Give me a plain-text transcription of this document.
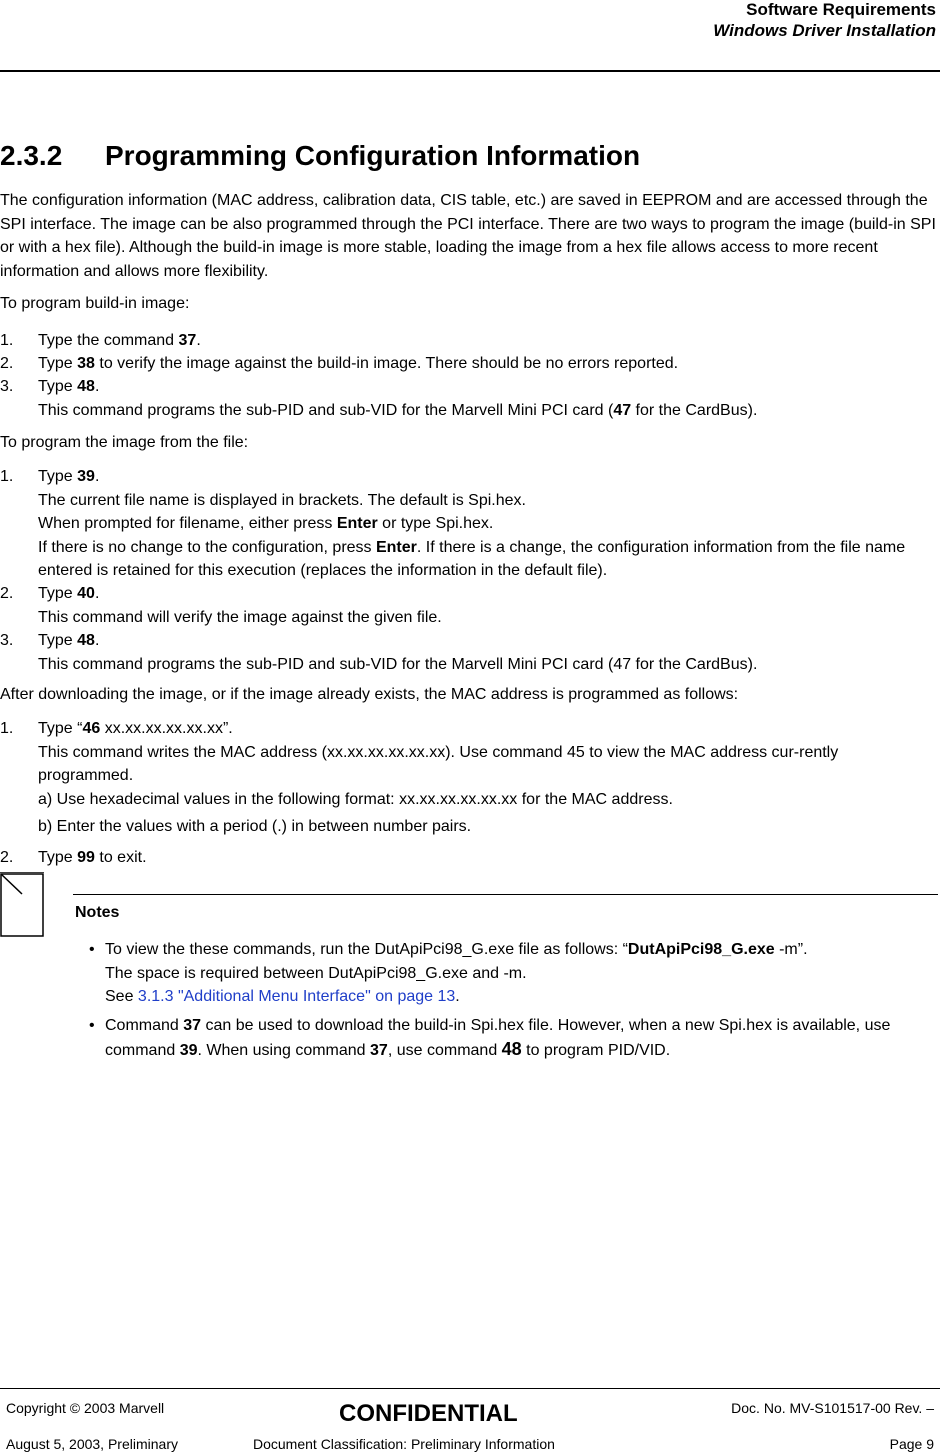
Software Requirements
Windows Driver Installation
2.3.2 Programming Configuration Information
The configuration information (MAC address, calibration data, CIS table, etc.) are saved in EEPROM and are accessed through the SPI interface. The image can be also programmed through the PCI interface. There are two ways to program the image (build-in SPI or with a hex file). Although the build-in image is more stable, loading the image from a hex file allows access to more recent information and allows more flexibility.
To program build-in image:
1. Type the command 37.
2. Type 38 to verify the image against the build-in image. There should be no errors reported.
3. Type 48.
This command programs the sub-PID and sub-VID for the Marvell Mini PCI card (47 for the CardBus).
To program the image from the file:
1. Type 39.
The current file name is displayed in brackets. The default is Spi.hex.
When prompted for filename, either press Enter or type Spi.hex.
If there is no change to the configuration, press Enter. If there is a change, the configuration information from the file name entered is retained for this execution (replaces the information in the default file).
2. Type 40.
This command will verify the image against the given file.
3. Type 48.
This command programs the sub-PID and sub-VID for the Marvell Mini PCI card (47 for the CardBus).
After downloading the image, or if the image already exists, the MAC address is programmed as follows:
1. Type “46 xx.xx.xx.xx.xx.xx”.
This command writes the MAC address (xx.xx.xx.xx.xx.xx). Use command 45 to view the MAC address cur-rently programmed.
a) Use hexadecimal values in the following format: xx.xx.xx.xx.xx.xx for the MAC address.
b) Enter the values with a period (.) in between number pairs.
2. Type 99 to exit.
Notes
• To view the these commands, run the DutApiPci98_G.exe file as follows: “DutApiPci98_G.exe -m”.
The space is required between DutApiPci98_G.exe and -m.
See 3.1.3 "Additional Menu Interface" on page 13.
• Command 37 can be used to download the build-in Spi.hex file. However, when a new Spi.hex is available, use command 39. When using command 37, use command 48 to program PID/VID.
Copyright © 2003 Marvell	CONFIDENTIAL	Doc. No. MV-S101517-00 Rev. –
August 5, 2003, Preliminary	Document Classification: Preliminary Information	Page 9
